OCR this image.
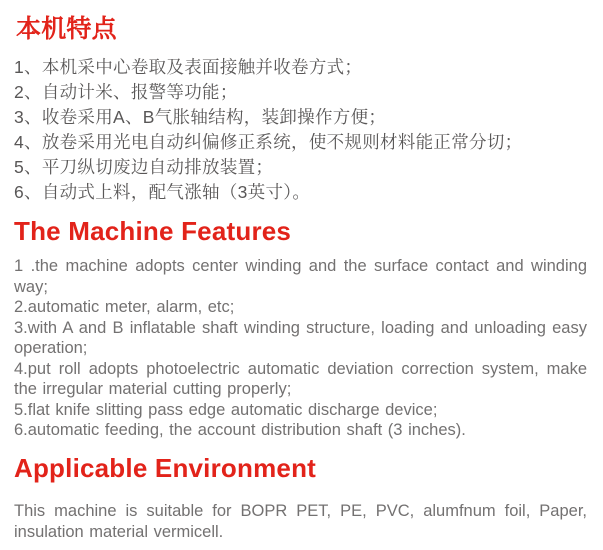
本机特点

1、本机采中心卷取及表面接触并收卷方式；

2、自动计米、报警等功能；

3、收卷采用A、B气胀轴结构，装卸操作方便；

4、放卷采用光电自动纠偏修正系统，使不规则材料能正常分切；

5、平刀纵切废边自动排放装置；

6、自动式上料，配气涨轴（3英寸）。

The Machine Features

1 .the machine adopts center winding and the surface contact and winding way;

2.automatic meter, alarm, etc;

3.with A and B inflatable shaft winding structure, loading and unloading easy operation;

4.put roll adopts photoelectric automatic deviation correction system, make the irregular material cutting properly;

5.flat knife slitting pass edge automatic discharge device;

6.automatic feeding, the account distribution shaft (3 inches).

Applicable Environment

This machine is suitable for BOPR PET, PE, PVC, alumfnum foil, Paper, insulation material vermicell.
